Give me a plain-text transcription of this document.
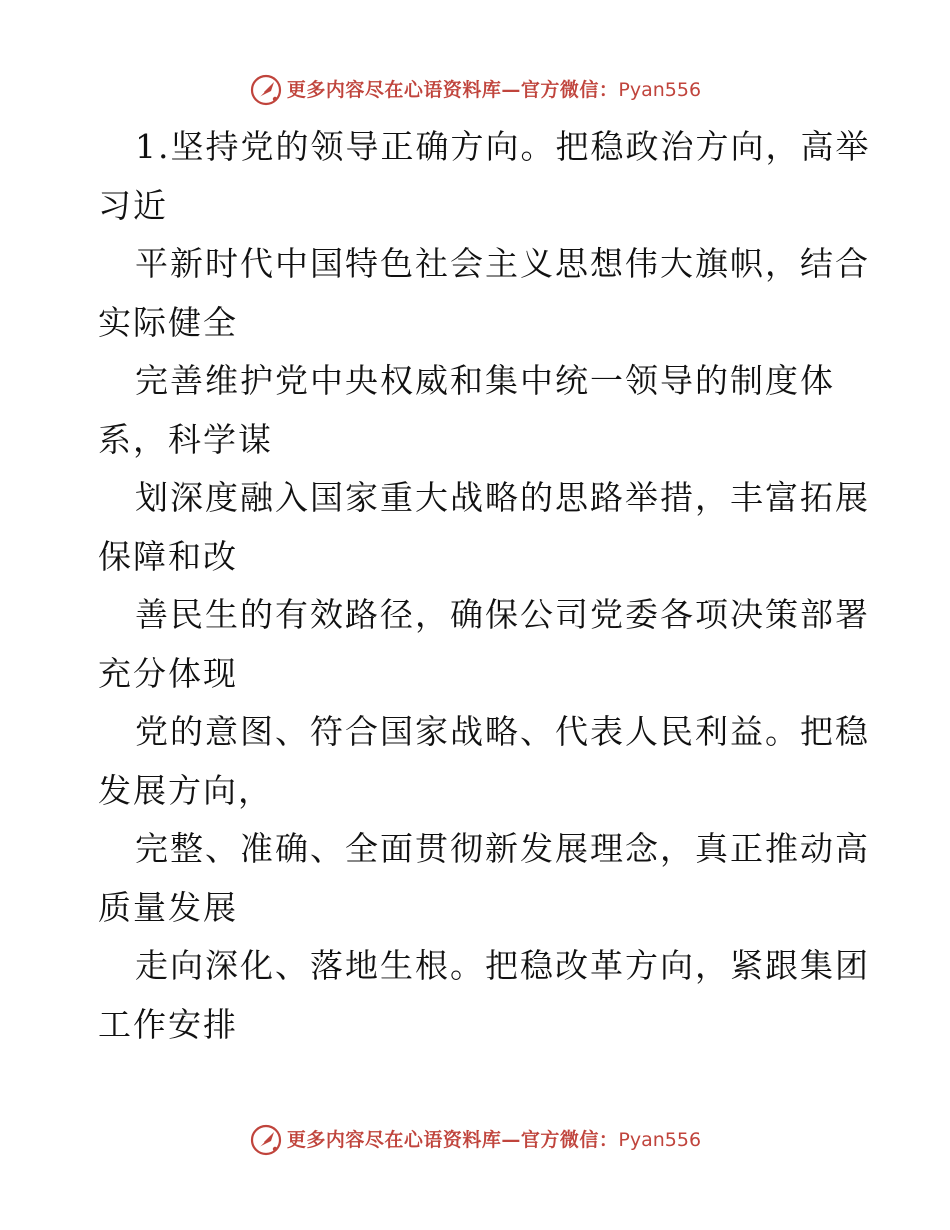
更多内容尽在心语资料库—官方微信： Pyan556
1.坚持党的领导正确方向。把稳政治方向，高举
习近
平新时代中国特色社会主义思想伟大旗帜，结合
实际健全
完善维护党中央权威和集中统一领导的制度体
系，科学谋
划深度融入国家重大战略的思路举措，丰富拓展
保障和改
善民生的有效路径，确保公司党委各项决策部署
充分体现
党的意图、符合国家战略、代表人民利益。把稳
发展方向，
完整、准确、全面贯彻新发展理念，真正推动高
质量发展
走向深化、落地生根。把稳改革方向，紧跟集团
工作安排
更多内容尽在心语资料库—官方微信： Pyan556
